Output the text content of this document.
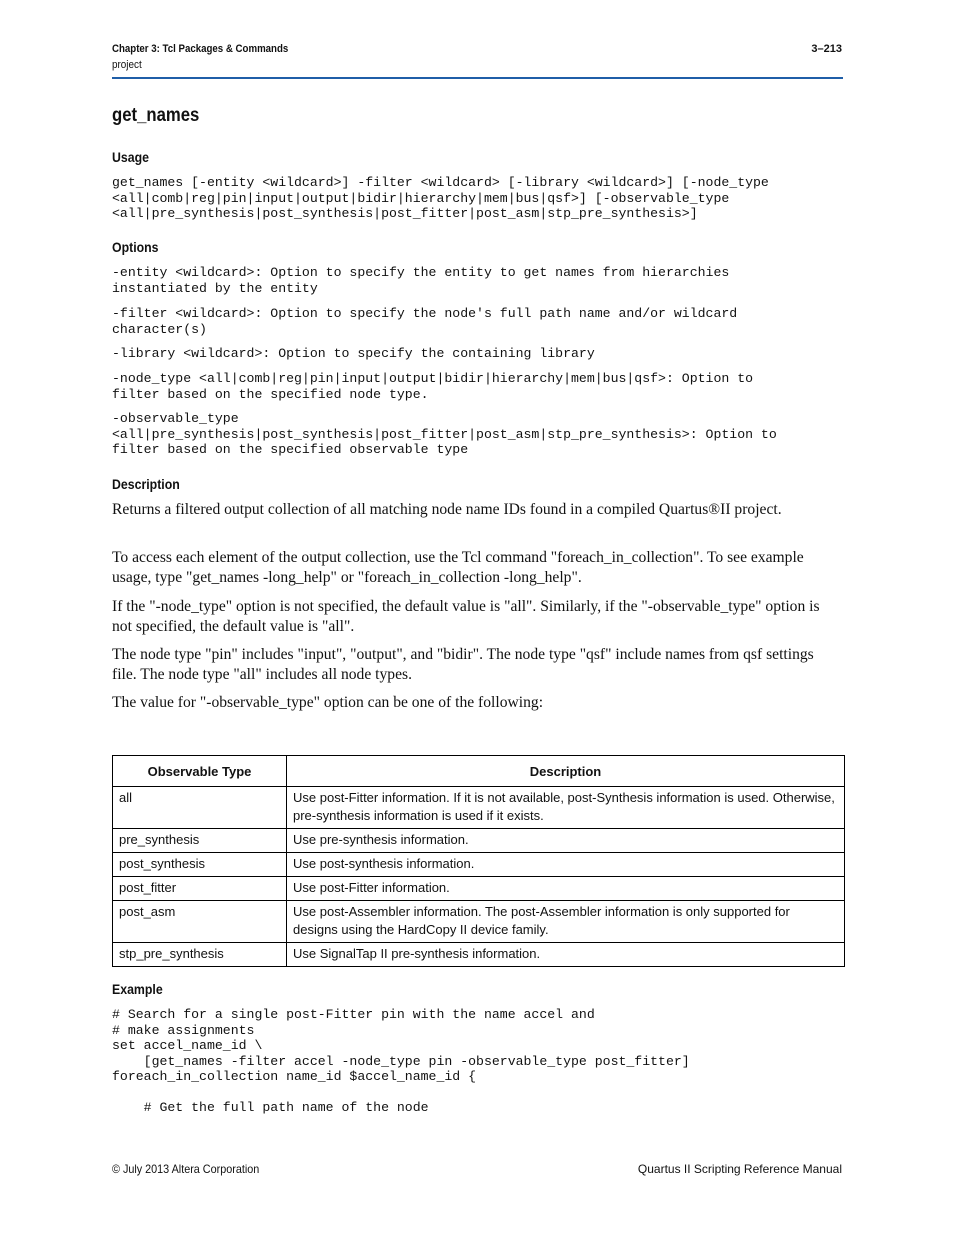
Chapter 3: Tcl Packages & Commands
project
3–213
get_names
Usage
get_names [-entity <wildcard>] -filter <wildcard> [-library <wildcard>] [-node_type
<all|comb|reg|pin|input|output|bidir|hierarchy|mem|bus|qsf>] [-observable_type
<all|pre_synthesis|post_synthesis|post_fitter|post_asm|stp_pre_synthesis>]
Options
-entity <wildcard>: Option to specify the entity to get names from hierarchies
instantiated by the entity
-filter <wildcard>: Option to specify the node's full path name and/or wildcard
character(s)
-library <wildcard>: Option to specify the containing library
-node_type <all|comb|reg|pin|input|output|bidir|hierarchy|mem|bus|qsf>: Option to
filter based on the specified node type.
-observable_type
<all|pre_synthesis|post_synthesis|post_fitter|post_asm|stp_pre_synthesis>: Option to
filter based on the specified observable type
Description

Returns a filtered output collection of all matching node name IDs found in a compiled Quartus®II project.

To access each element of the output collection, use the Tcl command "foreach_in_collection". To see example usage, type "get_names -long_help" or "foreach_in_collection -long_help".

If the "-node_type" option is not specified, the default value is "all". Similarly, if the "-observable_type" option is not specified, the default value is "all".

The node type "pin" includes "input", "output", and "bidir". The node type "qsf" include names from qsf settings file. The node type "all" includes all node types.

The value for "-observable_type" option can be one of the following:

Observable Type	Description
all	Use post-Fitter information. If it is not available, post-Synthesis information is used. Otherwise, pre-synthesis information is used if it exists.
pre_synthesis	Use pre-synthesis information.
post_synthesis	Use post-synthesis information.
post_fitter	Use post-Fitter information.
post_asm	Use post-Assembler information. The post-Assembler information is only supported for designs using the HardCopy II device family.
stp_pre_synthesis	Use SignalTap II pre-synthesis information.
Example
# Search for a single post-Fitter pin with the name accel and
# make assignments
set accel_name_id \
[get_names -filter accel -node_type pin -observable_type post_fitter]
foreach_in_collection name_id $accel_name_id {

# Get the full path name of the node
© July 2013 Altera Corporation	Quartus II Scripting Reference Manual
